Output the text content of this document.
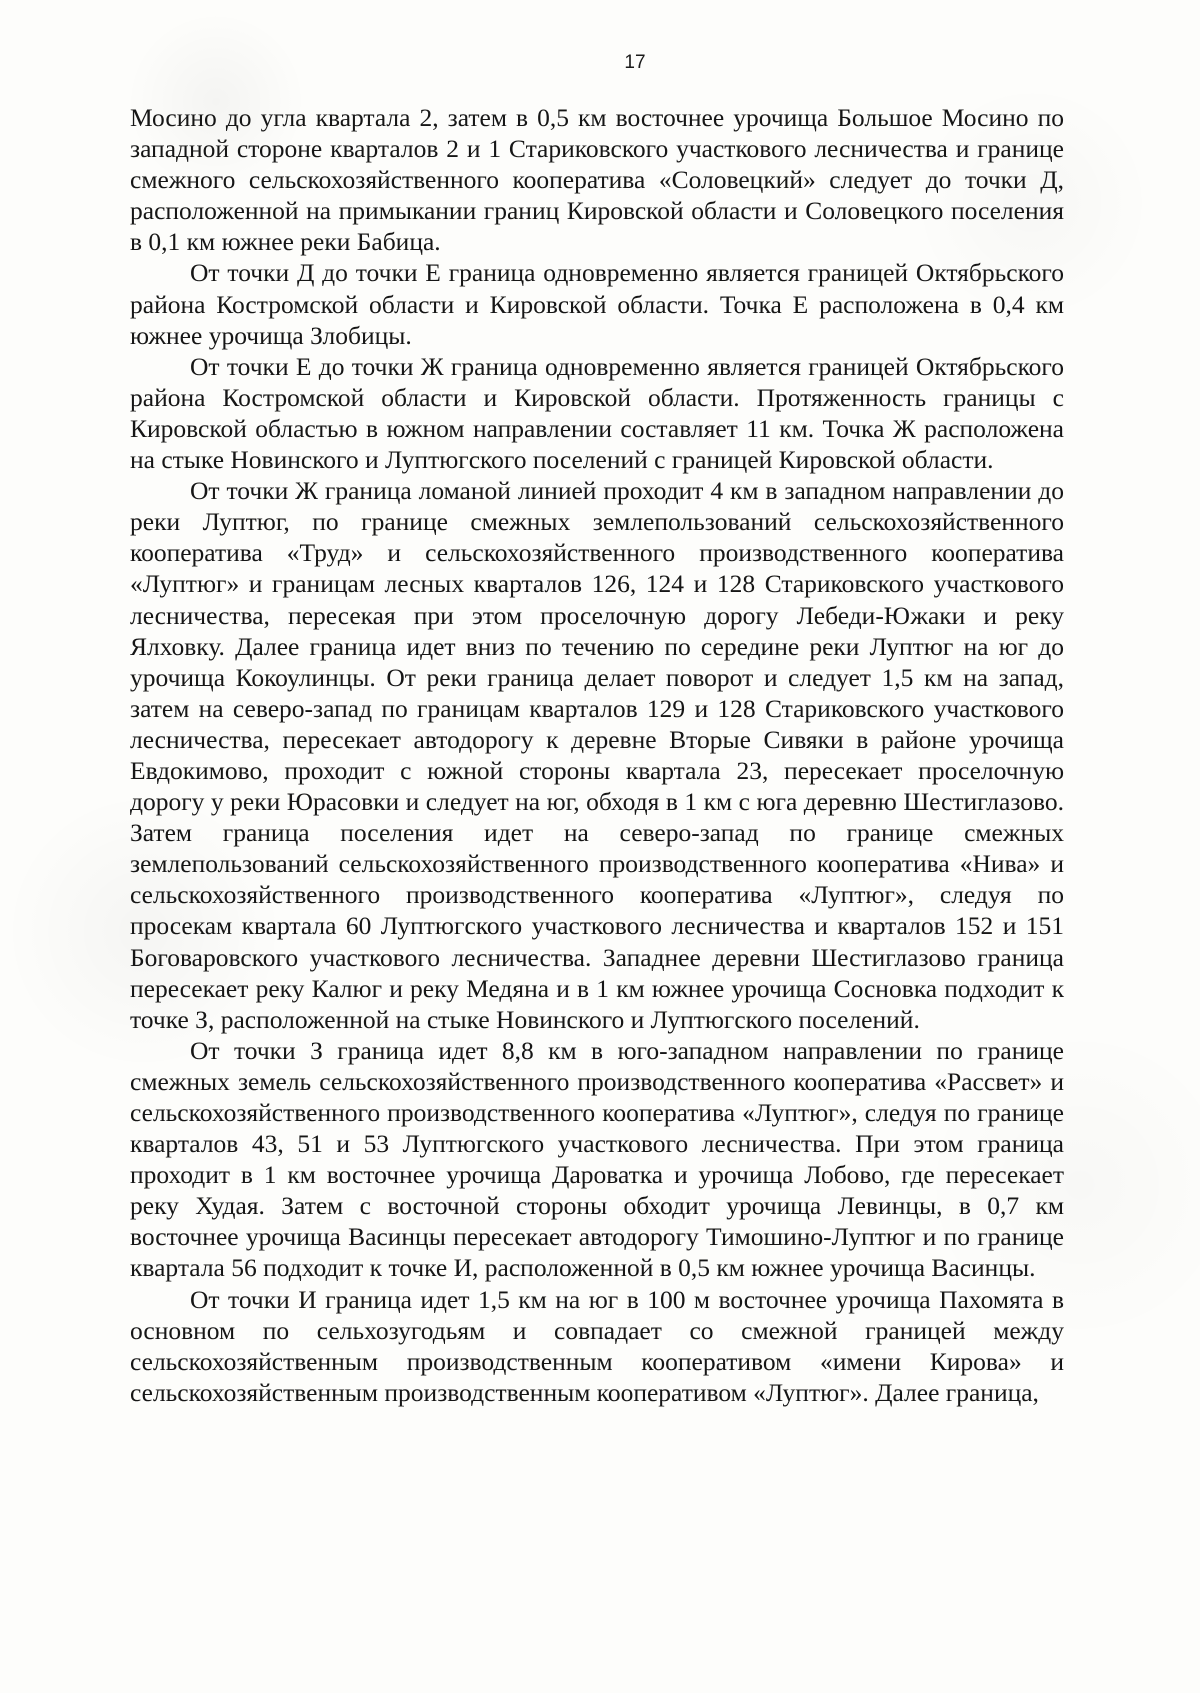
17

Мосино до угла квартала 2, затем в 0,5 км восточнее урочища Большое Мосино по западной стороне кварталов 2 и 1 Стариковского участкового лесничества и границе смежного сельскохозяйственного кооператива «Соловецкий» следует до точки Д, расположенной на примыкании границ Кировской области и Соловецкого поселения в 0,1 км южнее реки Бабица.

От точки Д до точки Е граница одновременно является границей Октябрьского района Костромской области и Кировской области. Точка Е расположена в 0,4 км южнее урочища Злобицы.

От точки Е до точки Ж граница одновременно является границей Октябрьского района Костромской области и Кировской области. Протяженность границы с Кировской областью в южном направлении составляет 11 км. Точка Ж расположена на стыке Новинского и Луптюгского поселений с границей Кировской области.

От точки Ж граница ломаной линией проходит 4 км в западном направлении до реки Луптюг, по границе смежных землепользований сельскохозяйственного кооператива «Труд» и сельскохозяйственного производственного кооператива «Луптюг» и границам лесных кварталов 126, 124 и 128 Стариковского участкового лесничества, пересекая при этом проселочную дорогу Лебеди-Южаки и реку Ялховку. Далее граница идет вниз по течению по середине реки Луптюг на юг до урочища Кокоулинцы. От реки граница делает поворот и следует 1,5 км на запад, затем на северо-запад по границам кварталов 129 и 128 Стариковского участкового лесничества, пересекает автодорогу к деревне Вторые Сивяки в районе урочища Евдокимово, проходит с южной стороны квартала 23, пересекает проселочную дорогу у реки Юрасовки и следует на юг, обходя в 1 км с юга деревню Шестиглазово. Затем граница поселения идет на северо-запад по границе смежных землепользований сельскохозяйственного производственного кооператива «Нива» и сельскохозяйственного производственного кооператива «Луптюг», следуя по просекам квартала 60 Луптюгского участкового лесничества и кварталов 152 и 151 Боговаровского участкового лесничества. Западнее деревни Шестиглазово граница пересекает реку Калюг и реку Медяна и в 1 км южнее урочища Сосновка подходит к точке З, расположенной на стыке Новинского и Луптюгского поселений.

От точки З граница идет 8,8 км в юго-западном направлении по границе смежных земель сельскохозяйственного производственного кооператива «Рассвет» и сельскохозяйственного производственного кооператива «Луптюг», следуя по границе кварталов 43, 51 и 53 Луптюгского участкового лесничества. При этом граница проходит в 1 км восточнее урочища Дароватка и урочища Лобово, где пересекает реку Худая. Затем с восточной стороны обходит урочища Левинцы, в 0,7 км восточнее урочища Васинцы пересекает автодорогу Тимошино-Луптюг и по границе квартала 56 подходит к точке И, расположенной в 0,5 км южнее урочища Васинцы.

От точки И граница идет 1,5 км на юг в 100 м восточнее урочища Пахомята в основном по сельхозугодьям и совпадает со смежной границей между сельскохозяйственным производственным кооперативом «имени Кирова» и сельскохозяйственным производственным кооперативом «Луптюг». Далее граница,
